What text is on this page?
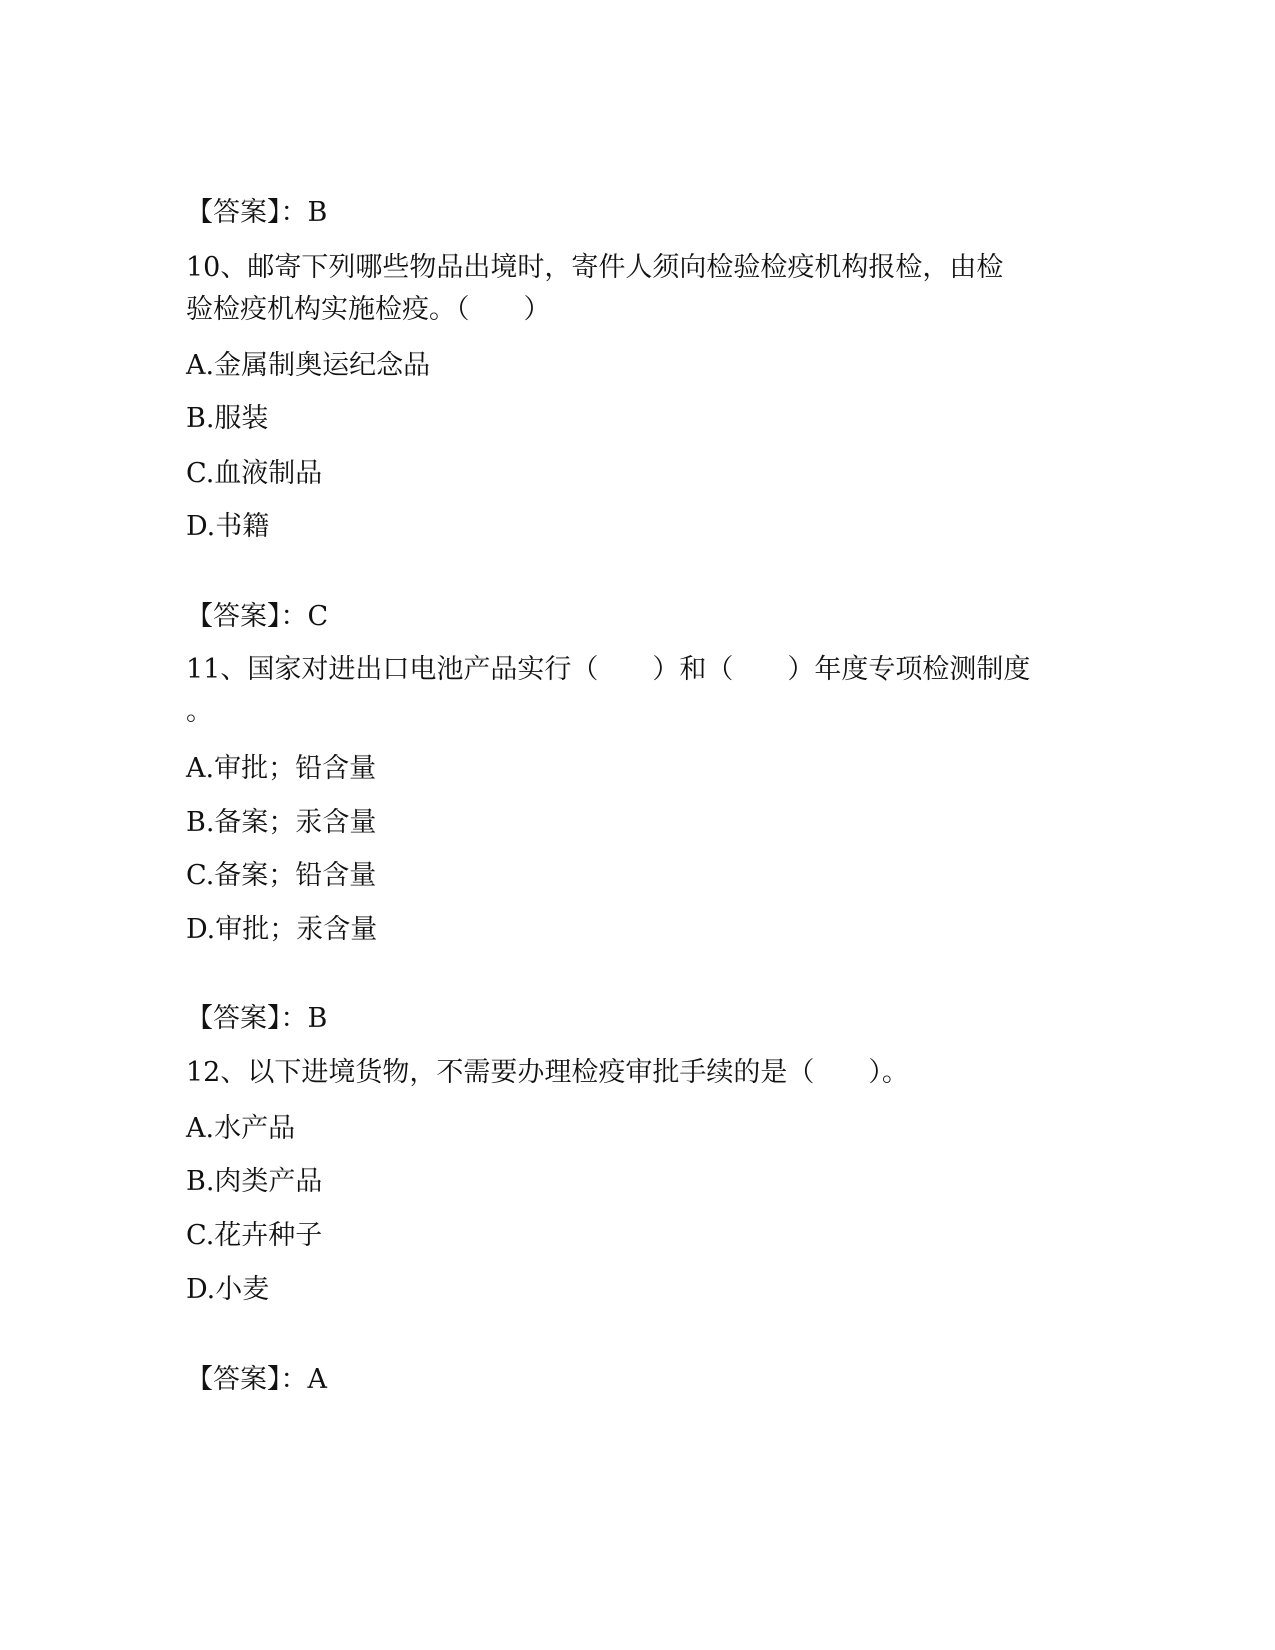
【答案】：B

10、邮寄下列哪些物品出境时，寄件人须向检验检疫机构报检，由检

验检疫机构实施检疫。（　　）

A.金属制奥运纪念品

B.服装

C.血液制品

D.书籍

【答案】：C

11、国家对进出口电池产品实行（　　）和（　　）年度专项检测制度

。

A.审批；铅含量

B.备案；汞含量

C.备案；铅含量

D.审批；汞含量

【答案】：B

12、以下进境货物，不需要办理检疫审批手续的是（　　）。

A.水产品

B.肉类产品

C.花卉种子

D.小麦

【答案】：A
